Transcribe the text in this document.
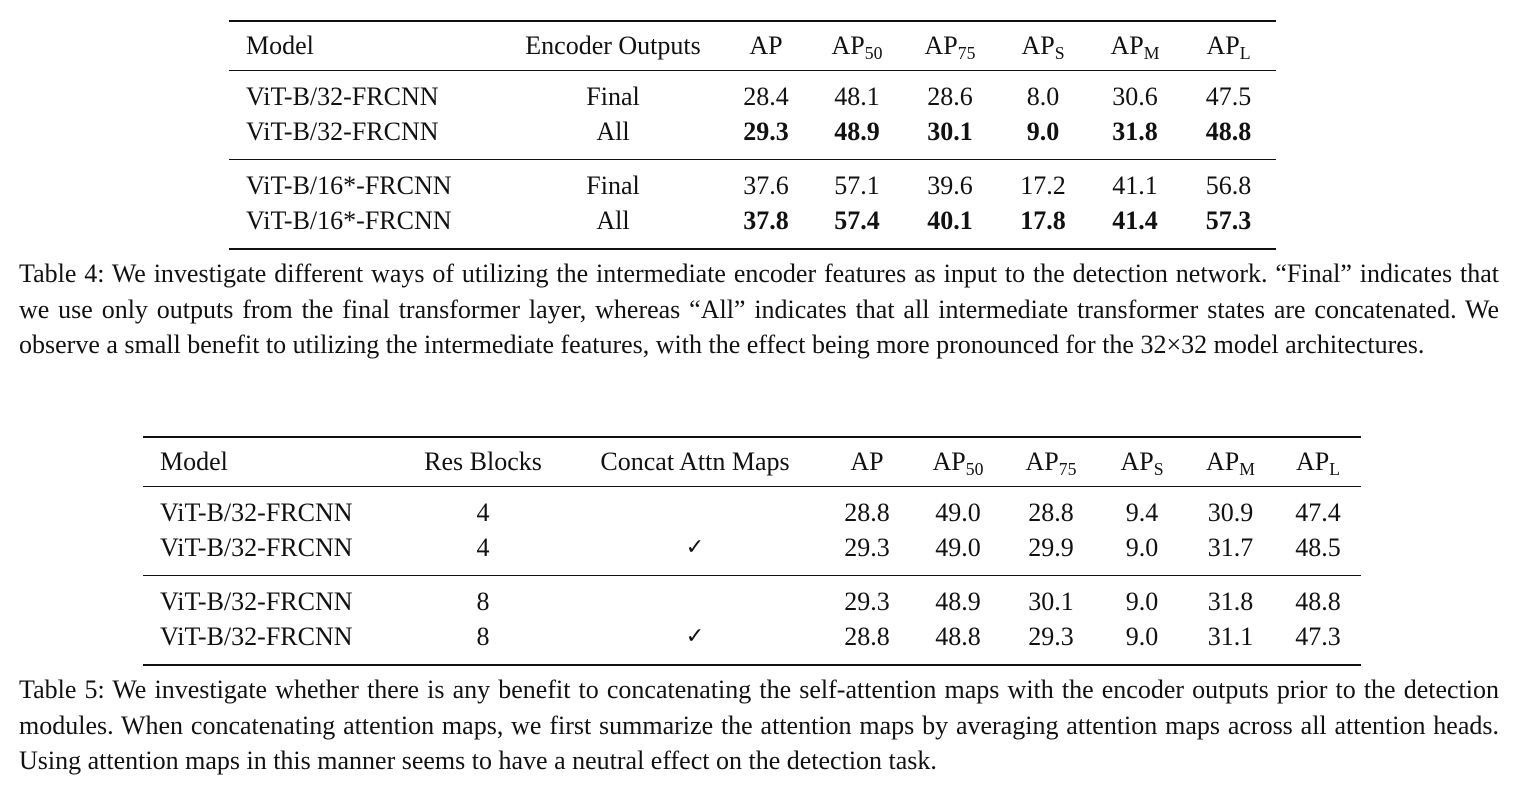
Model	Encoder Outputs	AP	$AP_{50}$	$AP_{75}$	$AP_S$	$AP_M$	$AP_L$
ViT-B/32-FRCNN	Final	28.4	48.1	28.6	8.0	30.6	47.5
ViT-B/32-FRCNN	All	29.3	48.9	30.1	9.0	31.8	48.8
ViT-B/16*-FRCNN	Final	37.6	57.1	39.6	17.2	41.1	56.8
ViT-B/16*-FRCNN	All	37.8	57.4	40.1	17.8	41.4	57.3

Table 4: We investigate different ways of utilizing the intermediate encoder features as input to the detection network. “Final” indicates that we use only outputs from the final transformer layer, whereas “All” indicates that all intermediate transformer states are concatenated. We observe a small benefit to utilizing the intermediate features, with the effect being more pronounced for the 32×32 model architectures.

Model	Res Blocks	Concat Attn Maps	AP	$AP_{50}$	$AP_{75}$	$AP_S$	$AP_M$	$AP_L$
ViT-B/32-FRCNN	4		28.8	49.0	28.8	9.4	30.9	47.4
ViT-B/32-FRCNN	4	✓	29.3	49.0	29.9	9.0	31.7	48.5
ViT-B/32-FRCNN	8		29.3	48.9	30.1	9.0	31.8	48.8
ViT-B/32-FRCNN	8	✓	28.8	48.8	29.3	9.0	31.1	47.3

Table 5: We investigate whether there is any benefit to concatenating the self-attention maps with the encoder outputs prior to the detection modules. When concatenating attention maps, we first summarize the attention maps by averaging attention maps across all attention heads. Using attention maps in this manner seems to have a neutral effect on the detection task.
